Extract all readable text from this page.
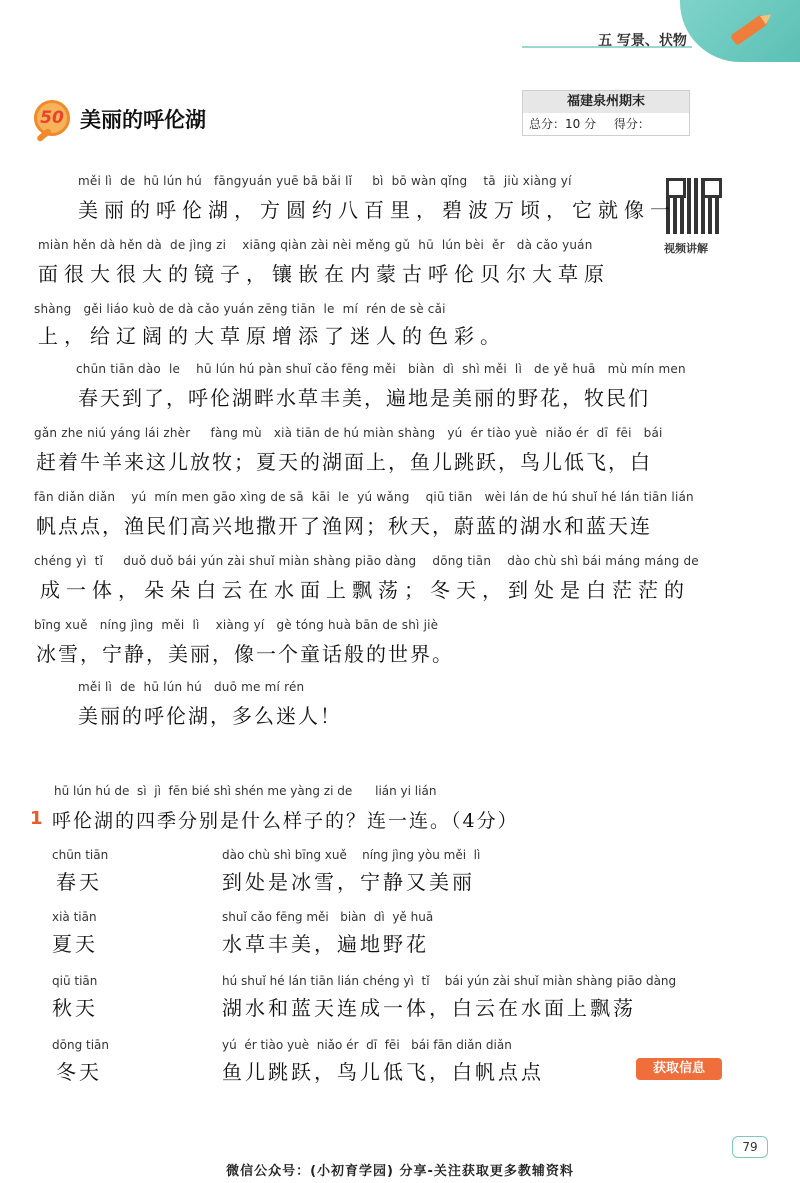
五 写景、状物
50 美丽的呼伦湖
福建泉州期末
总分：10 分 得分：
视频讲解
měi lì  de  hū lún hú   fāngyuán yuē bā bǎi lǐ     bì  bō wàn qǐng    tā  jiù xiàng yí
美丽的呼伦湖，方圆约八百里，碧波万顷，它就像一
miàn hěn dà hěn dà  de jìng zi    xiāng qiàn zài nèi měng gǔ  hū  lún bèi  ěr   dà cǎo yuán
面很大很大的镜子，镶嵌在内蒙古呼伦贝尔大草原
shàng   gěi liáo kuò de dà cǎo yuán zēng tiān  le  mí  rén de sè cǎi
上，给辽阔的大草原增添了迷人的色彩。
chūn tiān dào  le    hū lún hú pàn shuǐ cǎo fēng měi   biàn  dì  shì měi  lì   de yě huā   mù mín men
春天到了，呼伦湖畔水草丰美，遍地是美丽的野花，牧民们
gǎn zhe niú yáng lái zhèr     fàng mù   xià tiān de hú miàn shàng   yú  ér tiào yuè  niǎo ér  dī  fēi   bái
赶着牛羊来这儿放牧；夏天的湖面上，鱼儿跳跃，鸟儿低飞，白
fān diǎn diǎn    yú  mín men gāo xìng de sā  kāi  le  yú wǎng    qiū tiān   wèi lán de hú shuǐ hé lán tiān lián
帆点点，渔民们高兴地撒开了渔网；秋天，蔚蓝的湖水和蓝天连
chéng yì  tǐ     duǒ duǒ bái yún zài shuǐ miàn shàng piāo dàng    dōng tiān    dào chù shì bái máng máng de
成一体，朵朵白云在水面上飘荡；冬天，到处是白茫茫的
bīng xuě   níng jìng  měi  lì    xiàng yí   gè tóng huà bān de shì jiè
冰雪，宁静，美丽，像一个童话般的世界。
měi lì  de  hū lún hú   duō me mí rén
美丽的呼伦湖，多么迷人！
hū lún hú de  sì  jì  fēn bié shì shén me yàng zi de      lián yi lián
1 呼伦湖的四季分别是什么样子的？连一连。（4分）
chūn tiān
春天
xià tiān
夏天
qiū tiān
秋天
dōng tiān
冬天
dào chù shì bīng xuě    níng jìng yòu měi  lì
到处是冰雪，宁静又美丽
shuǐ cǎo fēng měi   biàn  dì  yě huā
水草丰美，遍地野花
hú shuǐ hé lán tiān lián chéng yì  tǐ    bái yún zài shuǐ miàn shàng piāo dàng
湖水和蓝天连成一体，白云在水面上飘荡
yú  ér tiào yuè  niǎo ér  dī  fēi   bái fān diǎn diǎn
鱼儿跳跃，鸟儿低飞，白帆点点	获取信息
79
微信公众号：(小初育学园) 分享-关注获取更多教辅资料
